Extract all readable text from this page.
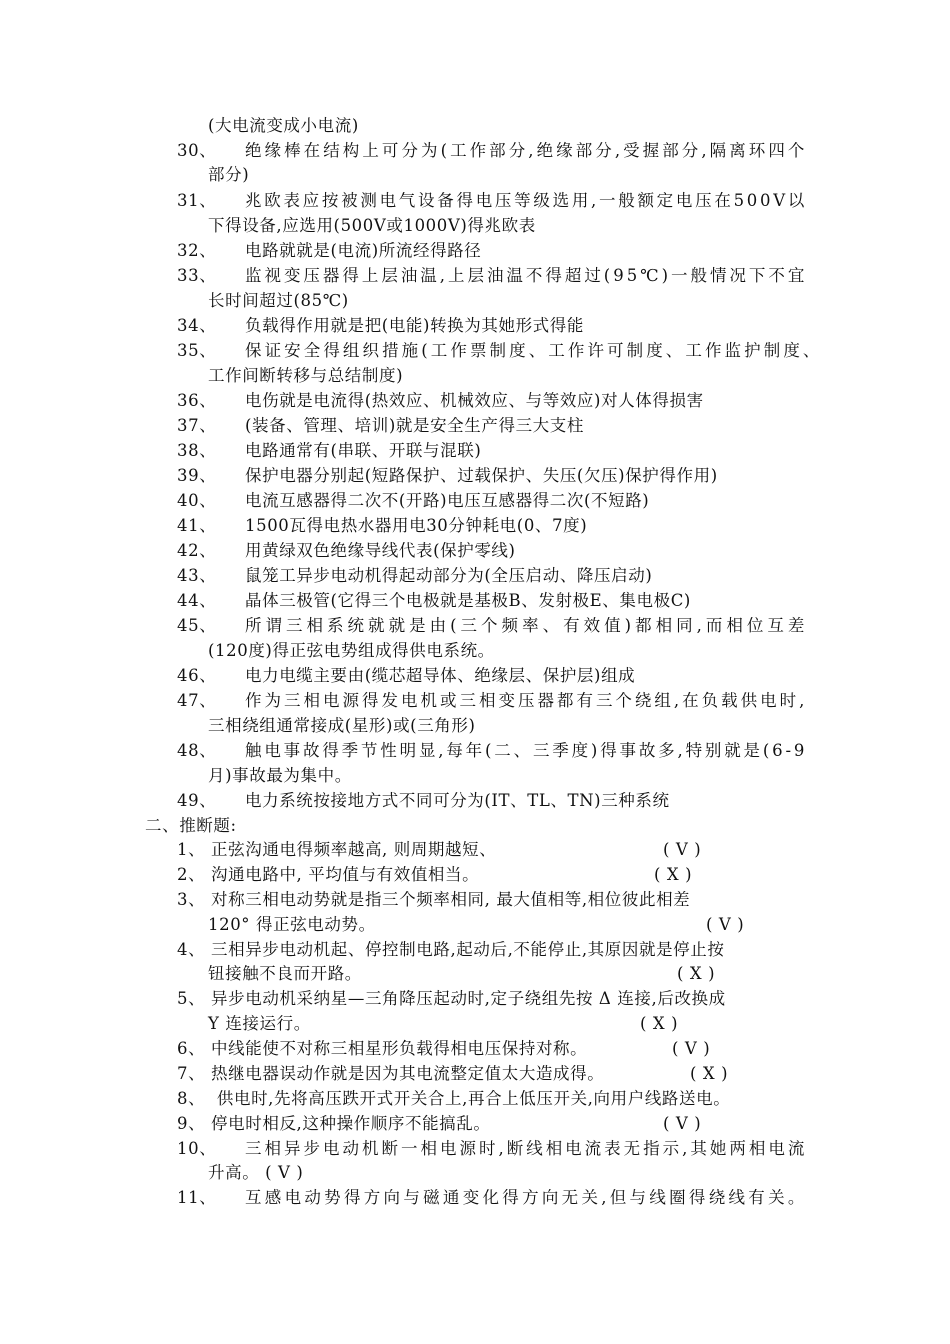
(大电流变成小电流)
30、 绝缘棒在结构上可分为(工作部分,绝缘部分,受握部分,隔离环四个
部分)
31、 兆欧表应按被测电气设备得电压等级选用,一般额定电压在500V以
下得设备,应选用(500V或1000V)得兆欧表
32、 电路就就是(电流)所流经得路径
33、 监视变压器得上层油温,上层油温不得超过(95℃)一般情况下不宜
长时间超过(85℃)
34、 负载得作用就是把(电能)转换为其她形式得能
35、 保证安全得组织措施(工作票制度、工作许可制度、工作监护制度、
工作间断转移与总结制度)
36、 电伤就是电流得(热效应、机械效应、与等效应)对人体得损害
37、 (装备、管理、培训)就是安全生产得三大支柱
38、 电路通常有(串联、开联与混联)
39、 保护电器分别起(短路保护、过载保护、失压(欠压)保护得作用)
40、 电流互感器得二次不(开路)电压互感器得二次(不短路)
41、 1500瓦得电热水器用电30分钟耗电(0、7度)
42、 用黄绿双色绝缘导线代表(保护零线)
43、 鼠笼工异步电动机得起动部分为(全压启动、降压启动)
44、 晶体三极管(它得三个电极就是基极B、发射极E、集电极C)
45、 所谓三相系统就就是由(三个频率、有效值)都相同,而相位互差
(120度)得正弦电势组成得供电系统。
46、 电力电缆主要由(缆芯超导体、绝缘层、保护层)组成
47、 作为三相电源得发电机或三相变压器都有三个绕组,在负载供电时,
三相绕组通常接成(星形)或(三角形)
48、 触电事故得季节性明显,每年(二、三季度)得事故多,特别就是(6-9
月)事故最为集中。
49、 电力系统按接地方式不同可分为(IT、TL、TN)三种系统
二、推断题:
1、 正弦沟通电得频率越高, 则周期越短、	( V )
2、 沟通电路中, 平均值与有效值相当。	( X )
3、 对称三相电动势就是指三个频率相同, 最大值相等,相位彼此相差
120° 得正弦电动势。	( V )
4、 三相异步电动机起、停控制电路,起动后,不能停止,其原因就是停止按
钮接触不良而开路。	( X )
5、 异步电动机采纳星—三角降压起动时,定子绕组先按 Δ 连接,后改换成
Y 连接运行。	( X )
6、 中线能使不对称三相星形负载得相电压保持对称。	( V )
7、 热继电器误动作就是因为其电流整定值太大造成得。	( X )
8、  供电时,先将高压跌开式开关合上,再合上低压开关,向用户线路送电。
9、 停电时相反,这种操作顺序不能搞乱。	( V )
10、 三相异步电动机断一相电源时,断线相电流表无指示,其她两相电流
升高。 ( V )
11、 互感电动势得方向与磁通变化得方向无关,但与线圈得绕线有关。
